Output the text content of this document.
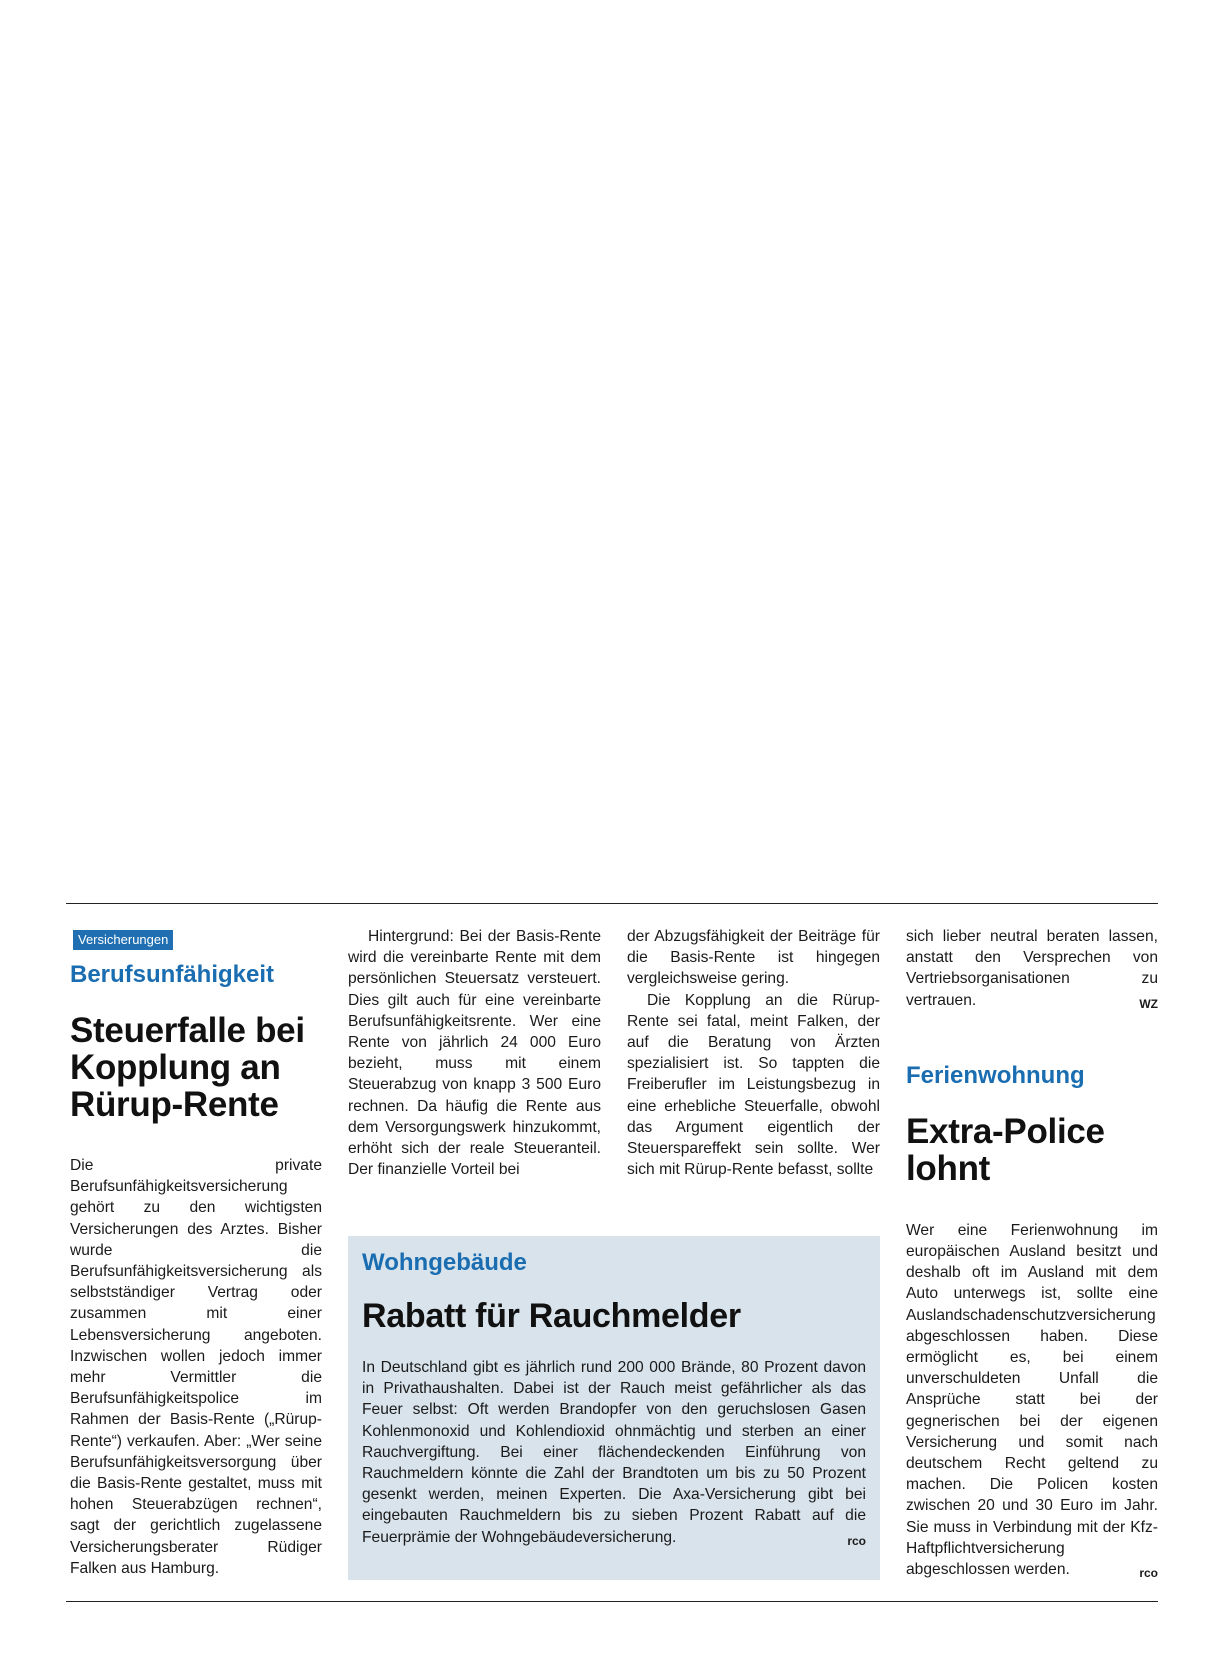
Versicherungen

Berufsunfähigkeit

Steuerfalle bei Kopplung an Rürup-Rente

Die private Berufsunfähigkeitsversicherung gehört zu den wichtigsten Versicherungen des Arztes. Bisher wurde die Berufsunfähigkeitsversicherung als selbstständiger Vertrag oder zusammen mit einer Lebensversicherung angeboten. Inzwischen wollen jedoch immer mehr Vermittler die Berufsunfähigkeitspolice im Rahmen der Basis-Rente („Rürup-Rente“) verkaufen. Aber: „Wer seine Berufsunfähigkeitsversorgung über die Basis-Rente gestaltet, muss mit hohen Steuerabzügen rechnen“, sagt der gerichtlich zugelassene Versicherungsberater Rüdiger Falken aus Hamburg.

Hintergrund: Bei der Basis-Rente wird die vereinbarte Rente mit dem persönlichen Steuersatz versteuert. Dies gilt auch für eine vereinbarte Berufsunfähigkeitsrente. Wer eine Rente von jährlich 24 000 Euro bezieht, muss mit einem Steuerabzug von knapp 3 500 Euro rechnen. Da häufig die Rente aus dem Versorgungswerk hinzukommt, erhöht sich der reale Steueranteil. Der finanzielle Vorteil bei

der Abzugsfähigkeit der Beiträge für die Basis-Rente ist hingegen vergleichsweise gering.

Die Kopplung an die Rürup-Rente sei fatal, meint Falken, der auf die Beratung von Ärzten spezialisiert ist. So tappten die Freiberufler im Leistungsbezug in eine erhebliche Steuerfalle, obwohl das Argument eigentlich der Steuerspareffekt sein sollte. Wer sich mit Rürup-Rente befasst, sollte

sich lieber neutral beraten lassen, anstatt den Versprechen von Vertriebsorganisationen zu vertrauen.	WZ

Ferienwohnung

Extra-Police lohnt
Wer eine Ferienwohnung im europäischen Ausland besitzt und deshalb oft im Ausland mit dem Auto unterwegs ist, sollte eine Auslandschadenschutzversicherung abgeschlossen haben. Diese ermöglicht es, bei einem unverschuldeten Unfall die Ansprüche statt bei der gegnerischen bei der eigenen Versicherung und somit nach deutschem Recht geltend zu machen. Die Policen kosten zwischen 20 und 30 Euro im Jahr. Sie muss in Verbindung mit der Kfz-Haftpflichtversicherung abgeschlossen werden.	rco

Wohngebäude

Rabatt für Rauchmelder
In Deutschland gibt es jährlich rund 200 000 Brände, 80 Prozent davon in Privathaushalten. Dabei ist der Rauch meist gefährlicher als das Feuer selbst: Oft werden Brandopfer von den geruchslosen Gasen Kohlenmonoxid und Kohlendioxid ohnmächtig und sterben an einer Rauchvergiftung. Bei einer flächendeckenden Einführung von Rauchmeldern könnte die Zahl der Brandtoten um bis zu 50 Prozent gesenkt werden, meinen Experten. Die Axa-Versicherung gibt bei eingebauten Rauchmeldern bis zu sieben Prozent Rabatt auf die Feuerprämie der Wohngebäudeversicherung.	rco
